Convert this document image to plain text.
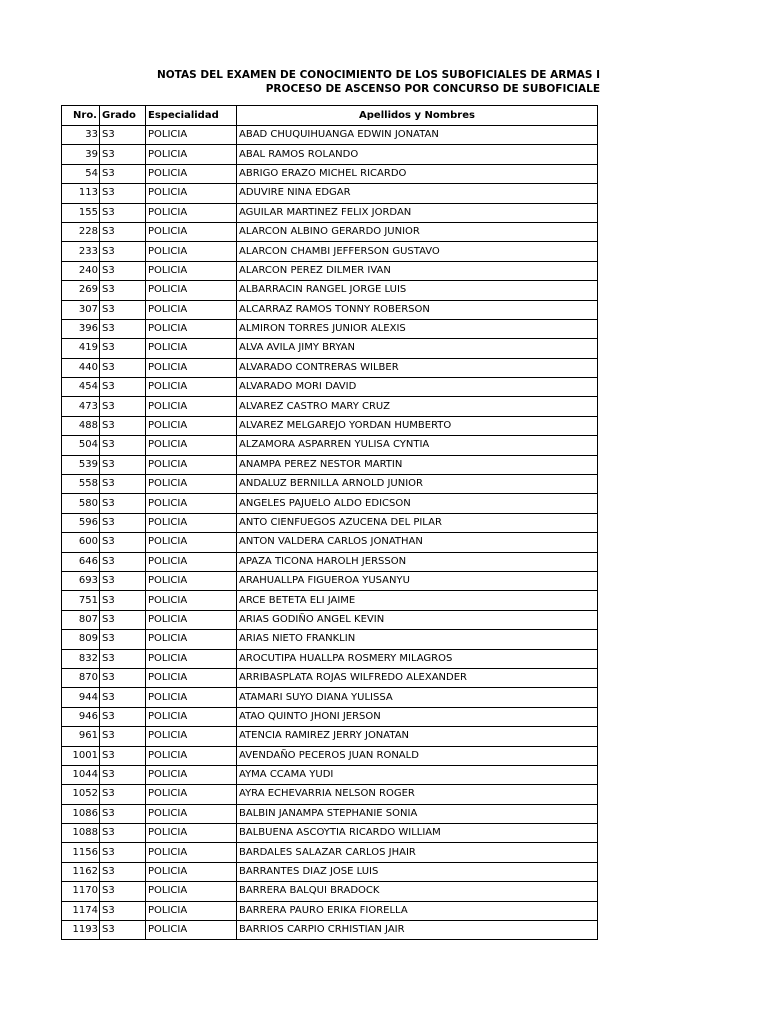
NOTAS DEL EXAMEN DE CONOCIMIENTO DE LOS SUBOFICIALES DE ARMAS I
PROCESO DE ASCENSO POR CONCURSO DE SUBOFICIALE
Nro.	Grado	Especialidad	Apellidos y Nombres
33	S3	POLICIA	ABAD CHUQUIHUANGA EDWIN JONATAN
39	S3	POLICIA	ABAL RAMOS ROLANDO
54	S3	POLICIA	ABRIGO ERAZO MICHEL RICARDO
113	S3	POLICIA	ADUVIRE NINA EDGAR
155	S3	POLICIA	AGUILAR MARTINEZ FELIX JORDAN
228	S3	POLICIA	ALARCON ALBINO GERARDO JUNIOR
233	S3	POLICIA	ALARCON CHAMBI JEFFERSON GUSTAVO
240	S3	POLICIA	ALARCON PEREZ DILMER IVAN
269	S3	POLICIA	ALBARRACIN RANGEL JORGE LUIS
307	S3	POLICIA	ALCARRAZ RAMOS TONNY ROBERSON
396	S3	POLICIA	ALMIRON TORRES JUNIOR ALEXIS
419	S3	POLICIA	ALVA AVILA JIMY BRYAN
440	S3	POLICIA	ALVARADO CONTRERAS WILBER
454	S3	POLICIA	ALVARADO MORI DAVID
473	S3	POLICIA	ALVAREZ CASTRO MARY CRUZ
488	S3	POLICIA	ALVAREZ MELGAREJO YORDAN HUMBERTO
504	S3	POLICIA	ALZAMORA ASPARREN YULISA CYNTIA
539	S3	POLICIA	ANAMPA PEREZ NESTOR MARTIN
558	S3	POLICIA	ANDALUZ BERNILLA ARNOLD JUNIOR
580	S3	POLICIA	ANGELES PAJUELO ALDO EDICSON
596	S3	POLICIA	ANTO CIENFUEGOS AZUCENA DEL PILAR
600	S3	POLICIA	ANTON VALDERA CARLOS JONATHAN
646	S3	POLICIA	APAZA TICONA HAROLH JERSSON
693	S3	POLICIA	ARAHUALLPA FIGUEROA YUSANYU
751	S3	POLICIA	ARCE BETETA ELI JAIME
807	S3	POLICIA	ARIAS GODIÑO ANGEL KEVIN
809	S3	POLICIA	ARIAS NIETO FRANKLIN
832	S3	POLICIA	AROCUTIPA HUALLPA ROSMERY MILAGROS
870	S3	POLICIA	ARRIBASPLATA ROJAS WILFREDO ALEXANDER
944	S3	POLICIA	ATAMARI SUYO DIANA YULISSA
946	S3	POLICIA	ATAO QUINTO JHONI JERSON
961	S3	POLICIA	ATENCIA RAMIREZ JERRY JONATAN
1001	S3	POLICIA	AVENDAÑO PECEROS JUAN RONALD
1044	S3	POLICIA	AYMA CCAMA YUDI
1052	S3	POLICIA	AYRA ECHEVARRIA NELSON ROGER
1086	S3	POLICIA	BALBIN JANAMPA STEPHANIE SONIA
1088	S3	POLICIA	BALBUENA ASCOYTIA RICARDO WILLIAM
1156	S3	POLICIA	BARDALES SALAZAR CARLOS JHAIR
1162	S3	POLICIA	BARRANTES DIAZ JOSE LUIS
1170	S3	POLICIA	BARRERA BALQUI BRADOCK
1174	S3	POLICIA	BARRERA PAURO ERIKA FIORELLA
1193	S3	POLICIA	BARRIOS CARPIO CRHISTIAN JAIR
